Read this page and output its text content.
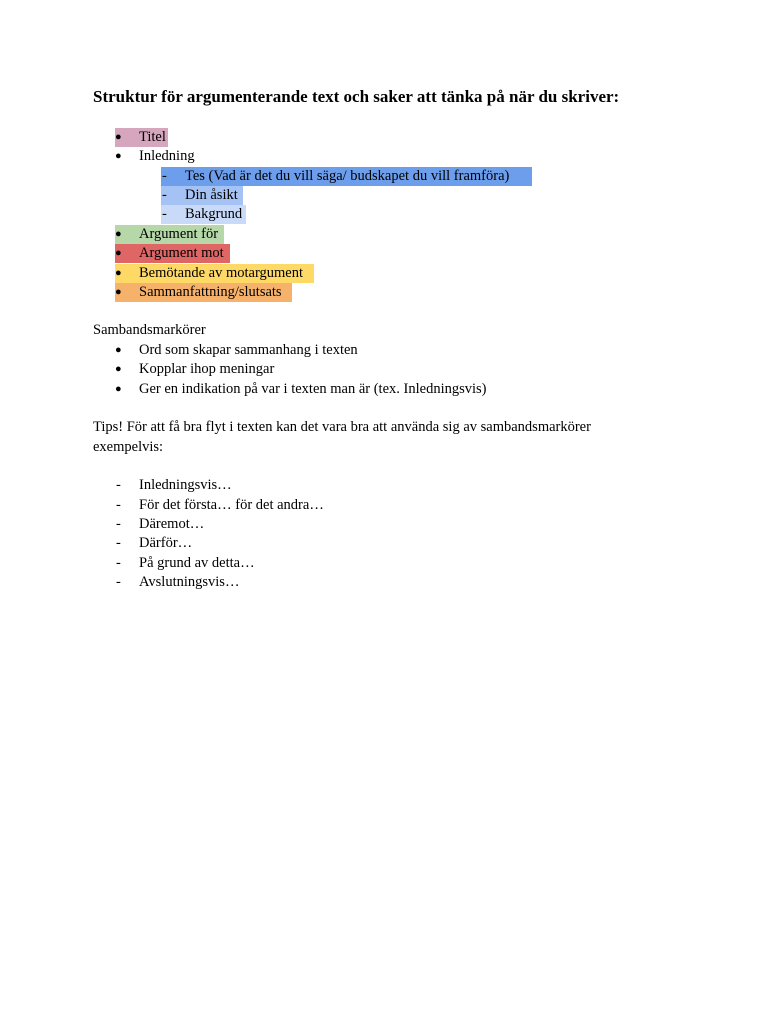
Struktur för argumenterande text och saker att tänka på när du skriver:
● Titel
● Inledning
- Tes (Vad är det du vill säga/ budskapet du vill framföra)
- Din åsikt
- Bakgrund
● Argument för
● Argument mot
● Bemötande av motargument
● Sammanfattning/slutsats
Sambandsmarkörer
● Ord som skapar sammanhang i texten
● Kopplar ihop meningar
● Ger en indikation på var i texten man är (tex. Inledningsvis)
Tips! För att få bra flyt i texten kan det vara bra att använda sig av sambandsmarkörer
exempelvis:
- Inledningsvis…
- För det första… för det andra…
- Däremot…
- Därför…
- På grund av detta…
- Avslutningsvis…
